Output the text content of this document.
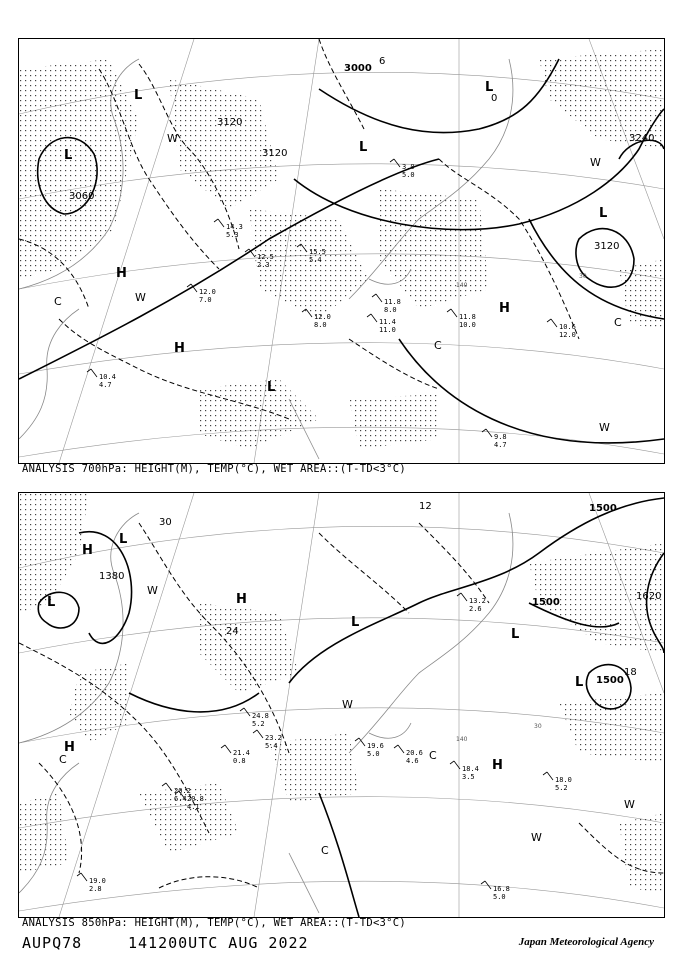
3000
3120
3240
3120
3120
3060
L
L
L
L
L
L
H
H
H
W
W
W
W
C
C
C
0
6
30
140
14.3
5.3
12.5
2.3
15.5
5.4
12.0
7.0	11.8
8.0
11.4
11.0	10.6
12.0
11.8
10.0
9.8
4.7
10.4
4.7
3.0
5.0
12.0
8.0
ANALYSIS 700hPa: HEIGHT(M), TEMP(°C), WET AREA::(T-TD<3°C)
1500
1500
1500
1380
1620
L
L
L
L
L
H
H
H
H
W
W
W
W
C	C
C
30
24
18
12
30
140
24.8
5.2
23.2
5.4
21.4
0.8
20.2
6.4
19.6
5.0
18.4
3.5
16.8
5.0
20.8
4.1
18.0
5.2
20.6
4.6
13.2
2.6
19.0
2.8
ANALYSIS 850hPa: HEIGHT(M), TEMP(°C), WET AREA::(T-TD<3°C)
AUPQ78	141200UTC AUG 2022	Japan Meteorological Agency
